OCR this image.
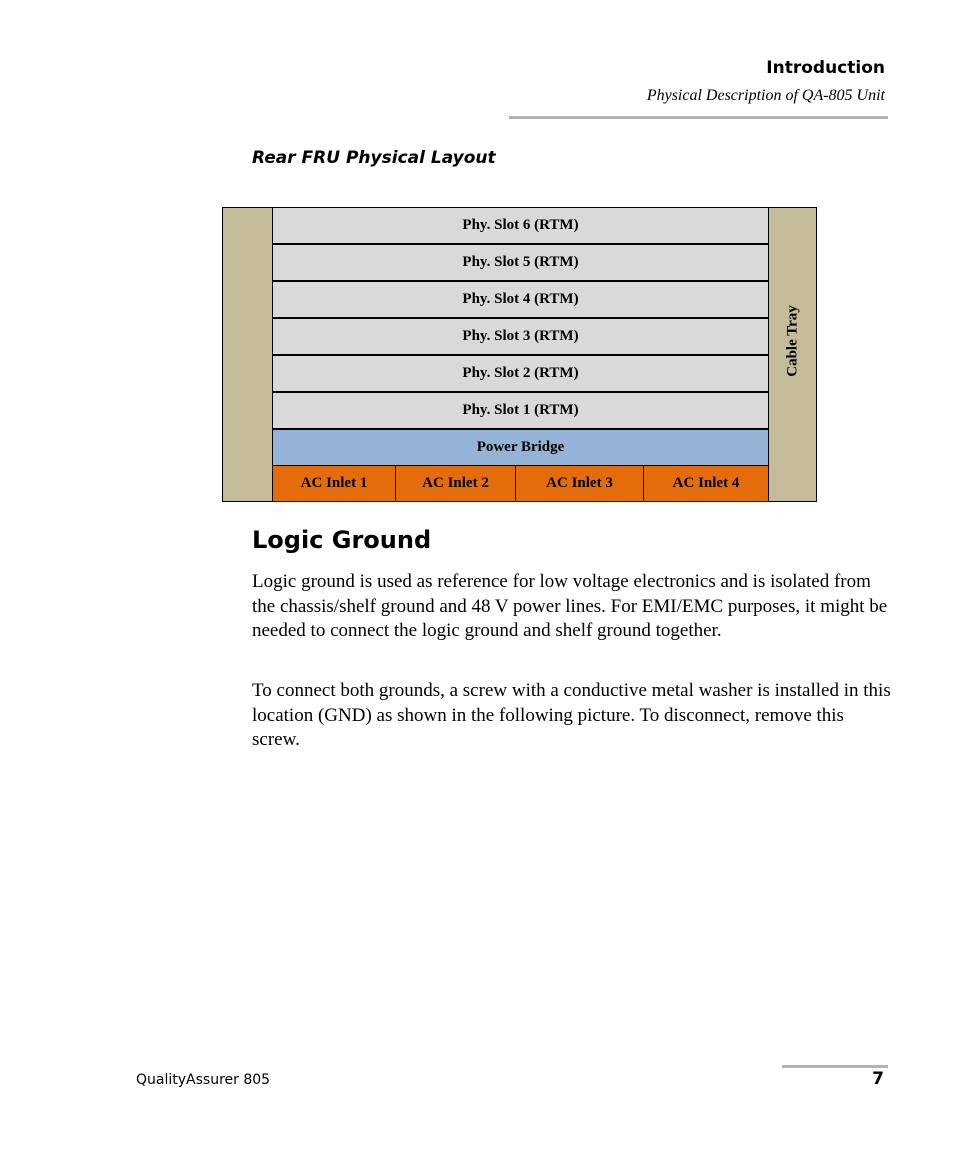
Introduction
Physical Description of QA-805 Unit
Rear FRU Physical Layout
Phy. Slot 6 (RTM)
Phy. Slot 5 (RTM)
Phy. Slot 4 (RTM)
Phy. Slot 3 (RTM)
Phy. Slot 2 (RTM)
Phy. Slot 1 (RTM)
Power Bridge
AC Inlet 1	AC Inlet 2	AC Inlet 3	AC Inlet 4
Cable Tray
Logic Ground

Logic ground is used as reference for low voltage electronics and is isolated from the chassis/shelf ground and 48 V power lines. For EMI/EMC purposes, it might be needed to connect the logic ground and shelf ground together.

To connect both grounds, a screw with a conductive metal washer is installed in this location (GND) as shown in the following picture. To disconnect, remove this screw.

QualityAssurer 805	7
